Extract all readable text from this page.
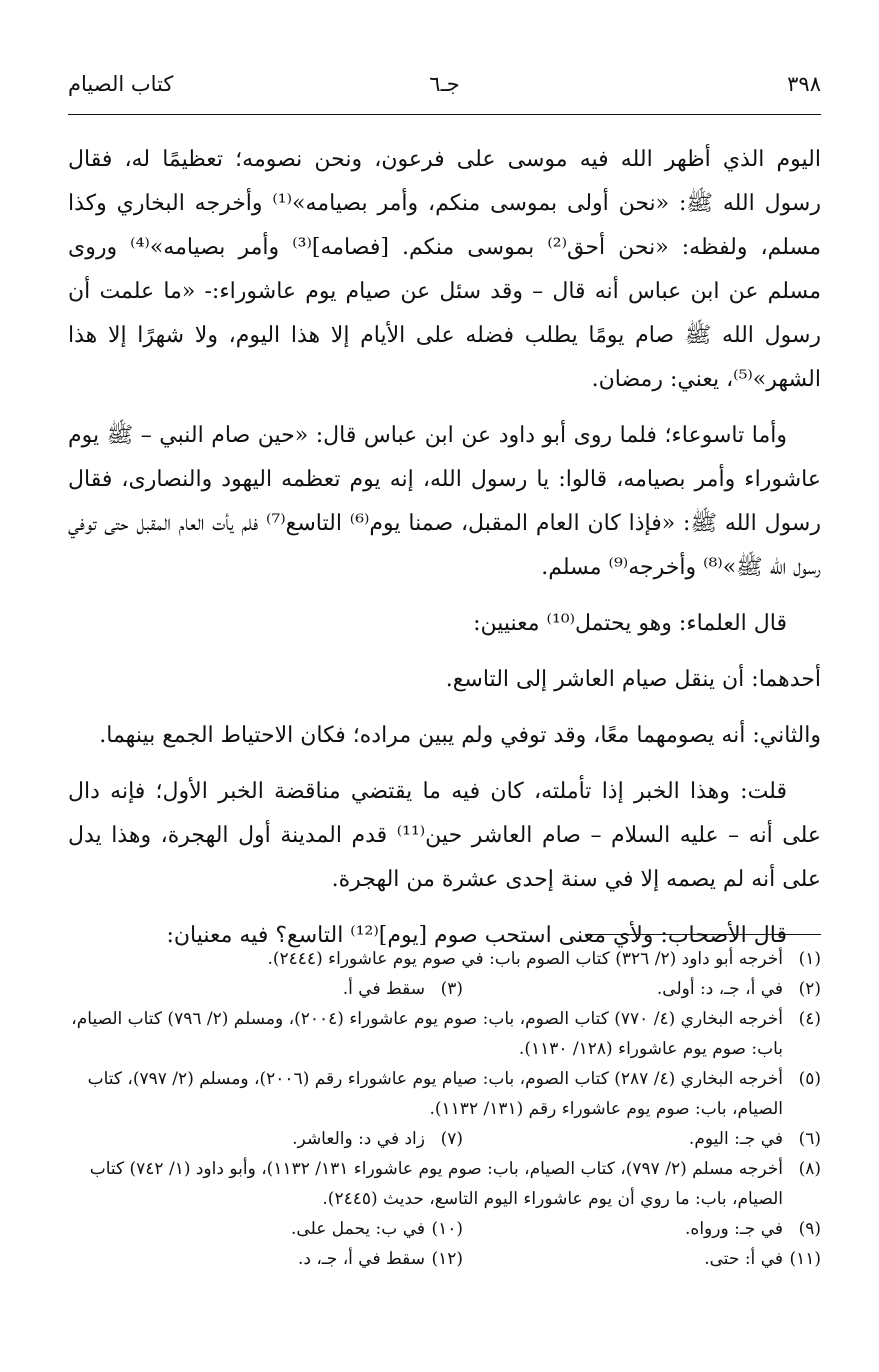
٣٩٨
جـ٦
كتاب الصيام

اليوم الذي أظهر الله فيه موسى على فرعون، ونحن نصومه؛ تعظيمًا له، فقال رسول الله ﷺ: «نحن أولى بموسى منكم، وأمر بصيامه»⁽¹⁾ وأخرجه البخاري وكذا مسلم، ولفظه: «نحن أحق⁽²⁾ بموسى منكم. [فصامه]⁽³⁾ وأمر بصيامه»⁽⁴⁾ وروى مسلم عن ابن عباس أنه قال – وقد سئل عن صيام يوم عاشوراء:- «ما علمت أن رسول الله ﷺ صام يومًا يطلب فضله على الأيام إلا هذا اليوم، ولا شهرًا إلا هذا الشهر»⁽⁵⁾، يعني: رمضان.

وأما تاسوعاء؛ فلما روى أبو داود عن ابن عباس قال: «حين صام النبي – ﷺ يوم عاشوراء وأمر بصيامه، قالوا: يا رسول الله، إنه يوم تعظمه اليهود والنصارى، فقال رسول الله ﷺ: «فإذا كان العام المقبل، صمنا يوم⁽⁶⁾ التاسع⁽⁷⁾ فلم يأت العام المقبل حتى توفي رسول الله ﷺ»⁽⁸⁾ وأخرجه⁽⁹⁾ مسلم.

قال العلماء: وهو يحتمل⁽¹⁰⁾ معنيين:

أحدهما: أن ينقل صيام العاشر إلى التاسع.

والثاني: أنه يصومهما معًا، وقد توفي ولم يبين مراده؛ فكان الاحتياط الجمع بينهما.

قلت: وهذا الخبر إذا تأملته، كان فيه ما يقتضي مناقضة الخبر الأول؛ فإنه دال على أنه – عليه السلام – صام العاشر حين⁽¹¹⁾ قدم المدينة أول الهجرة، وهذا يدل على أنه لم يصمه إلا في سنة إحدى عشرة من الهجرة.

قال الأصحاب: ولأي معنى استحب صوم [يوم]⁽¹²⁾ التاسع؟ فيه معنيان:

(١)
أخرجه أبو داود (٢/ ٣٢٦) كتاب الصوم باب: في صوم يوم عاشوراء (٢٤٤٤).
(٢)
في أ، جـ، د: أولى.
(٣)
سقط في أ.
(٤)
أخرجه البخاري (٤/ ٧٧٠) كتاب الصوم، باب: صوم يوم عاشوراء (٢٠٠٤)، ومسلم (٢/ ٧٩٦) كتاب الصيام، باب: صوم يوم عاشوراء (١٢٨/ ١١٣٠).
(٥)
أخرجه البخاري (٤/ ٢٨٧) كتاب الصوم، باب: صيام يوم عاشوراء رقم (٢٠٠٦)، ومسلم (٢/ ٧٩٧)، كتاب الصيام، باب: صوم يوم عاشوراء رقم (١٣١/ ١١٣٢).
(٦)
في جـ: اليوم.
(٧)
زاد في د: والعاشر.
(٨)
أخرجه مسلم (٢/ ٧٩٧)، كتاب الصيام، باب: صوم يوم عاشوراء ١٣١/ ١١٣٢)، وأبو داود (١/ ٧٤٢) كتاب الصيام، باب: ما روي أن يوم عاشوراء اليوم التاسع، حديث (٢٤٤٥).
(٩)
في جـ: ورواه.
(١٠)
في ب: يحمل على.
(١١)
في أ: حتى.
(١٢)
سقط في أ، جـ، د.
